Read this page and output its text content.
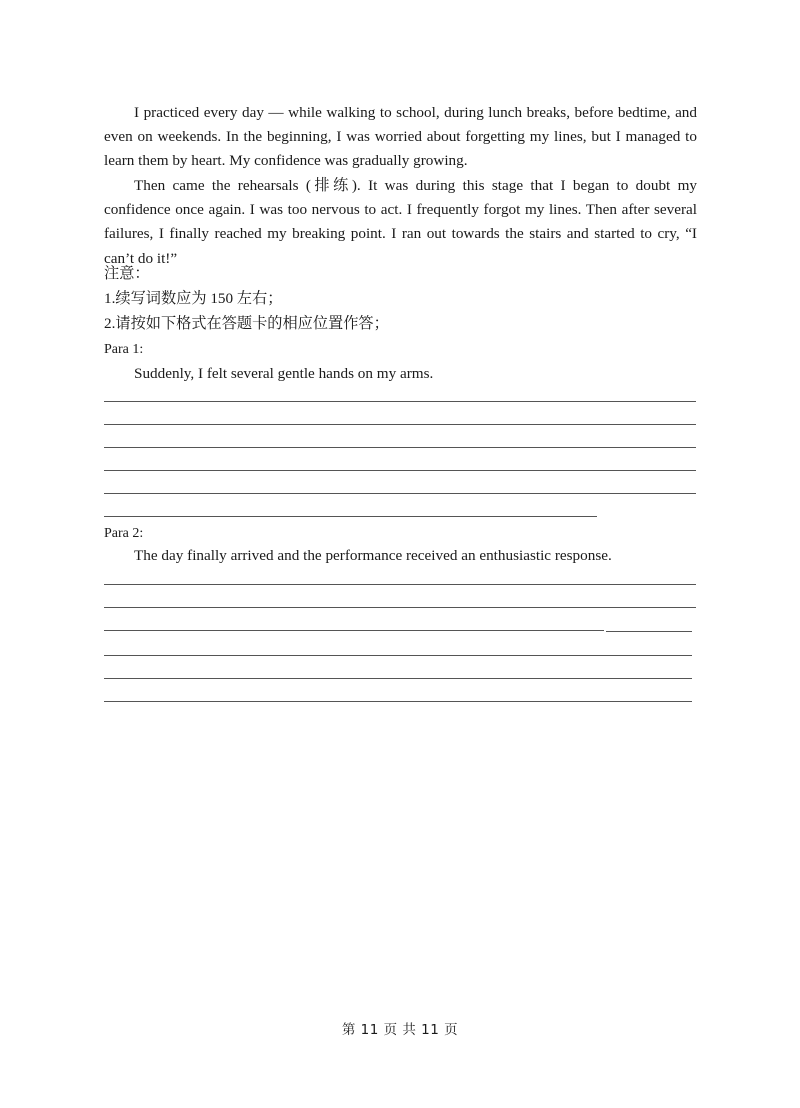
I practiced every day — while walking to school, during lunch breaks, before bedtime, and even on weekends. In the beginning, I was worried about forgetting my lines, but I managed to learn them by heart. My confidence was gradually growing.

Then came the rehearsals (排练). It was during this stage that I began to doubt my confidence once again. I was too nervous to act. I frequently forgot my lines. Then after several failures, I finally reached my breaking point. I ran out towards the stairs and started to cry, “I can’t do it!”

注意：

1.续写词数应为 150 左右；

2.请按如下格式在答题卡的相应位置作答；

Para 1:

Suddenly, I felt several gentle hands on my arms.

Para 2:

The day finally arrived and the performance received an enthusiastic response.

第 11 页 共 11 页
